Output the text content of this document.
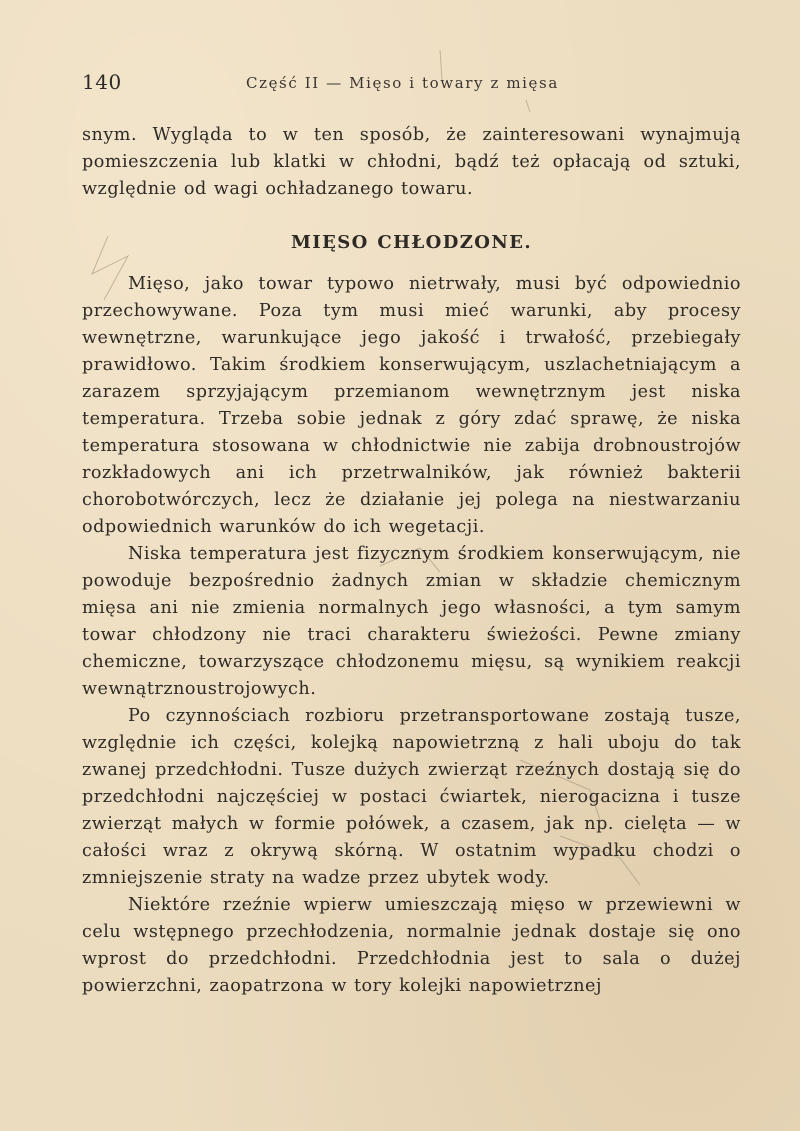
140	Część II — Mięso i towary z mięsa

snym. Wygląda to w ten sposób, że zainteresowani wynajmują pomieszczenia lub klatki w chłodni, bądź też opłacają od sztuki, względnie od wagi ochładzanego towaru.

MIĘSO CHŁODZONE.

Mięso, jako towar typowo nietrwały, musi być odpowiednio przechowywane. Poza tym musi mieć warunki, aby procesy wewnętrzne, warunkujące jego jakość i trwałość, przebiegały prawidłowo. Takim środkiem konserwującym, uszlachetniającym a zarazem sprzyjającym przemianom wewnętrznym jest niska temperatura. Trzeba sobie jednak z góry zdać sprawę, że niska temperatura stosowana w chłodnictwie nie zabija drobnoustrojów rozkładowych ani ich przetrwalników, jak również bakterii chorobotwórczych, lecz że działanie jej polega na niestwarzaniu odpowiednich warunków do ich wegetacji.

Niska temperatura jest fizycznym środkiem konserwującym, nie powoduje bezpośrednio żadnych zmian w składzie chemicznym mięsa ani nie zmienia normalnych jego własności, a tym samym towar chłodzony nie traci charakteru świeżości. Pewne zmiany chemiczne, towarzyszące chłodzonemu mięsu, są wynikiem reakcji wewnątrznoustrojowych.

Po czynnościach rozbioru przetransportowane zostają tusze, względnie ich części, kolejką napowietrzną z hali uboju do tak zwanej przedchłodni. Tusze dużych zwierząt rzeźnych dostają się do przedchłodni najczęściej w postaci ćwiartek, nierogacizna i tusze zwierząt małych w formie połówek, a czasem, jak np. cielęta — w całości wraz z okrywą skórną. W ostatnim wypadku chodzi o zmniejszenie straty na wadze przez ubytek wody.

Niektóre rzeźnie wpierw umieszczają mięso w przewiewni w celu wstępnego przechłodzenia, normalnie jednak dostaje się ono wprost do przedchłodni. Przedchłodnia jest to sala o dużej powierzchni, zaopatrzona w tory kolejki napowietrznej
